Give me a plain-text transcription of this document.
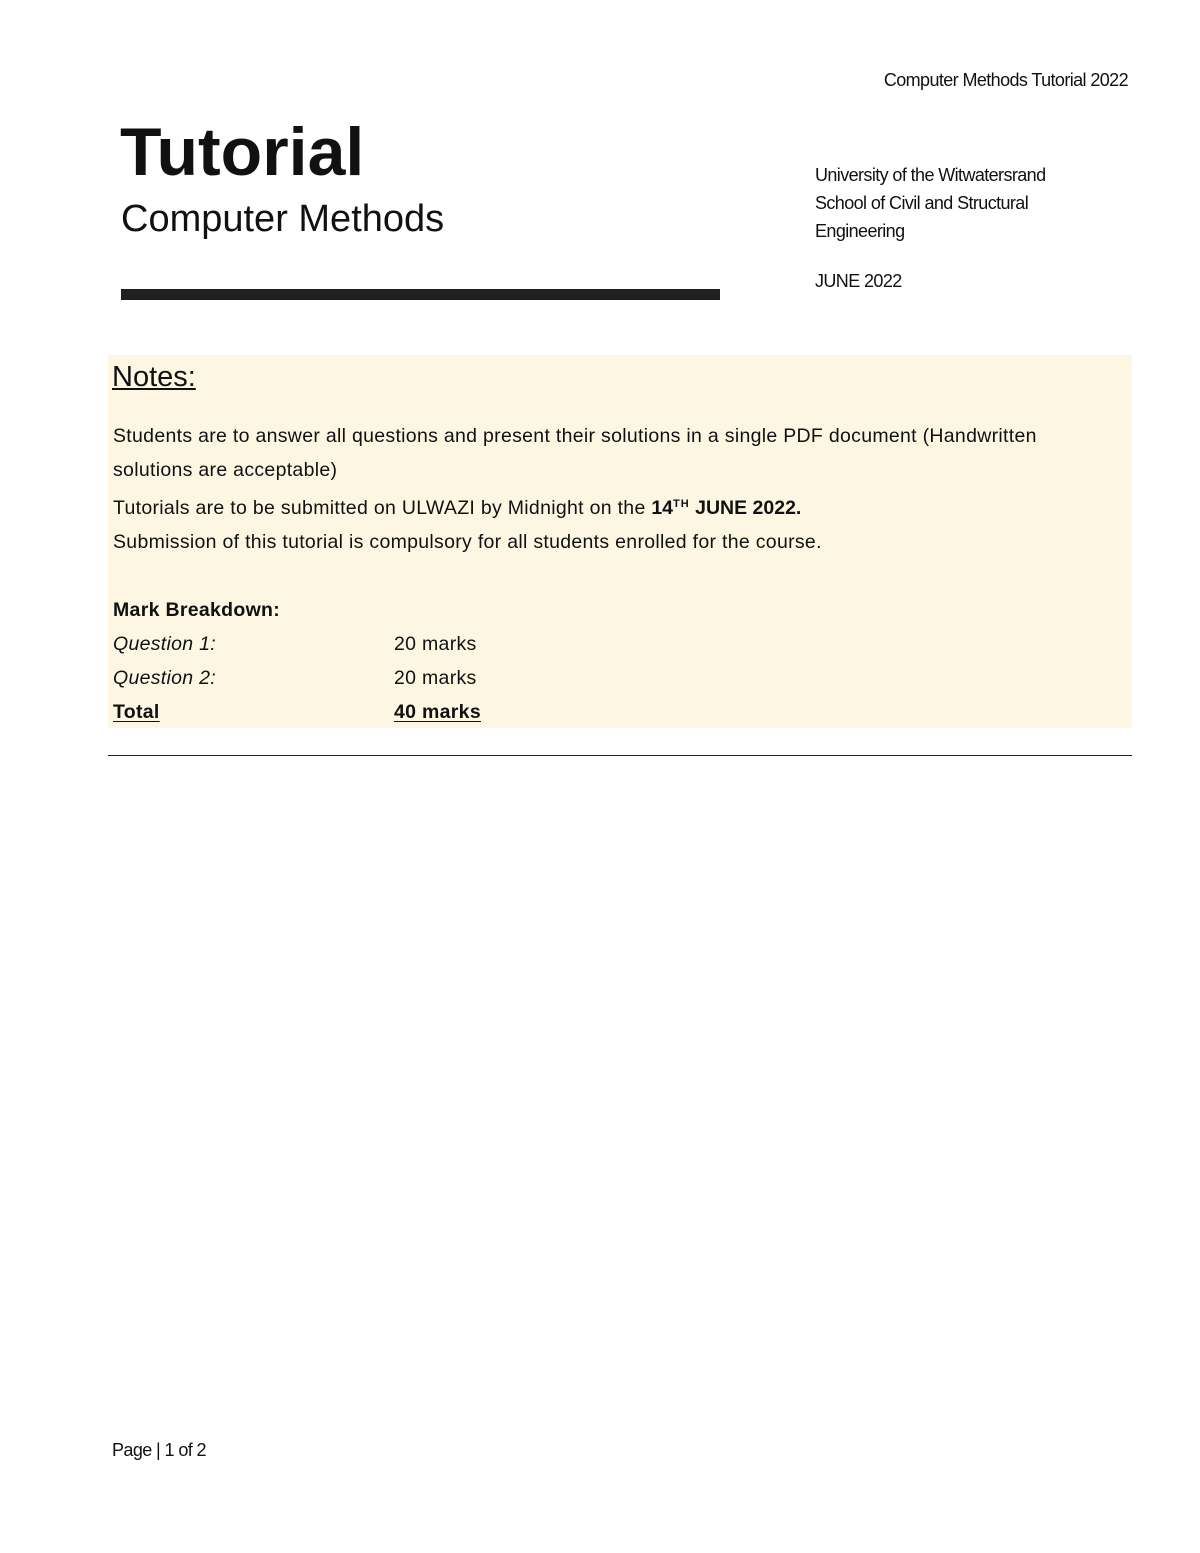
Computer Methods Tutorial 2022
Tutorial
Computer Methods
University of the Witwatersrand
School of Civil and Structural
Engineering
JUNE 2022
Notes:

Students are to answer all questions and present their solutions in a single PDF document (Handwritten solutions are acceptable)

Tutorials are to be submitted on ULWAZI by Midnight on the 14TH JUNE 2022.

Submission of this tutorial is compulsory for all students enrolled for the course.

Mark Breakdown:

Question 1:	20 marks
Question 2:	20 marks
Total	40 marks
Page | 1 of 2
